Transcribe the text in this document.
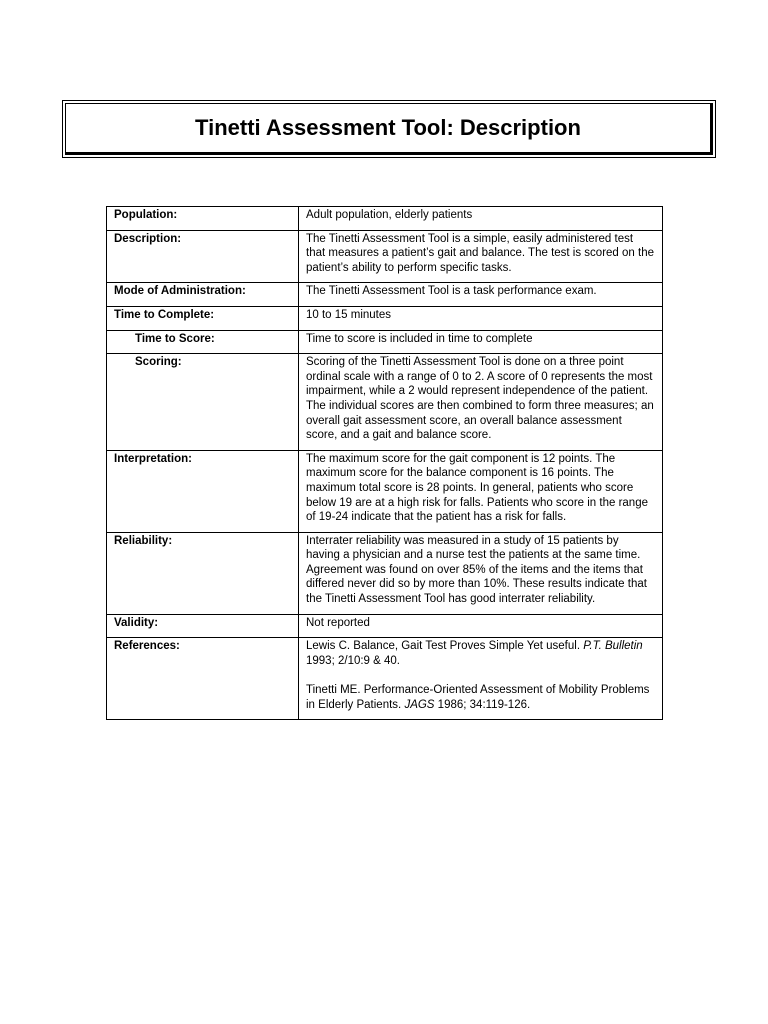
Tinetti Assessment Tool: Description
Population:	Adult population, elderly patients
Description:	The Tinetti Assessment Tool is a simple, easily administered test that measures a patient’s gait and balance. The test is scored on the patient’s ability to perform specific tasks.
Mode of Administration:	The Tinetti Assessment Tool is a task performance exam.
Time to Complete:	10 to 15 minutes
Time to Score:	Time to score is included in time to complete
Scoring:	Scoring of the Tinetti Assessment Tool is done on a three point ordinal scale with a range of 0 to 2. A score of 0 represents the most impairment, while a 2 would represent independence of the patient. The individual scores are then combined to form three measures; an overall gait assessment score, an overall balance assessment score, and a gait and balance score.
Interpretation:	The maximum score for the gait component is 12 points. The maximum score for the balance component is 16 points. The maximum total score is 28 points. In general, patients who score below 19 are at a high risk for falls. Patients who score in the range of 19-24 indicate that the patient has a risk for falls.
Reliability:	Interrater reliability was measured in a study of 15 patients by having a physician and a nurse test the patients at the same time. Agreement was found on over 85% of the items and the items that differed never did so by more than 10%. These results indicate that the Tinetti Assessment Tool has good interrater reliability.
Validity:	Not reported
References:	Lewis C. Balance, Gait Test Proves Simple Yet useful. P.T. Bulletin 1993; 2/10:9 & 40.

Tinetti ME. Performance-Oriented Assessment of Mobility Problems in Elderly Patients. JAGS 1986; 34:119-126.
